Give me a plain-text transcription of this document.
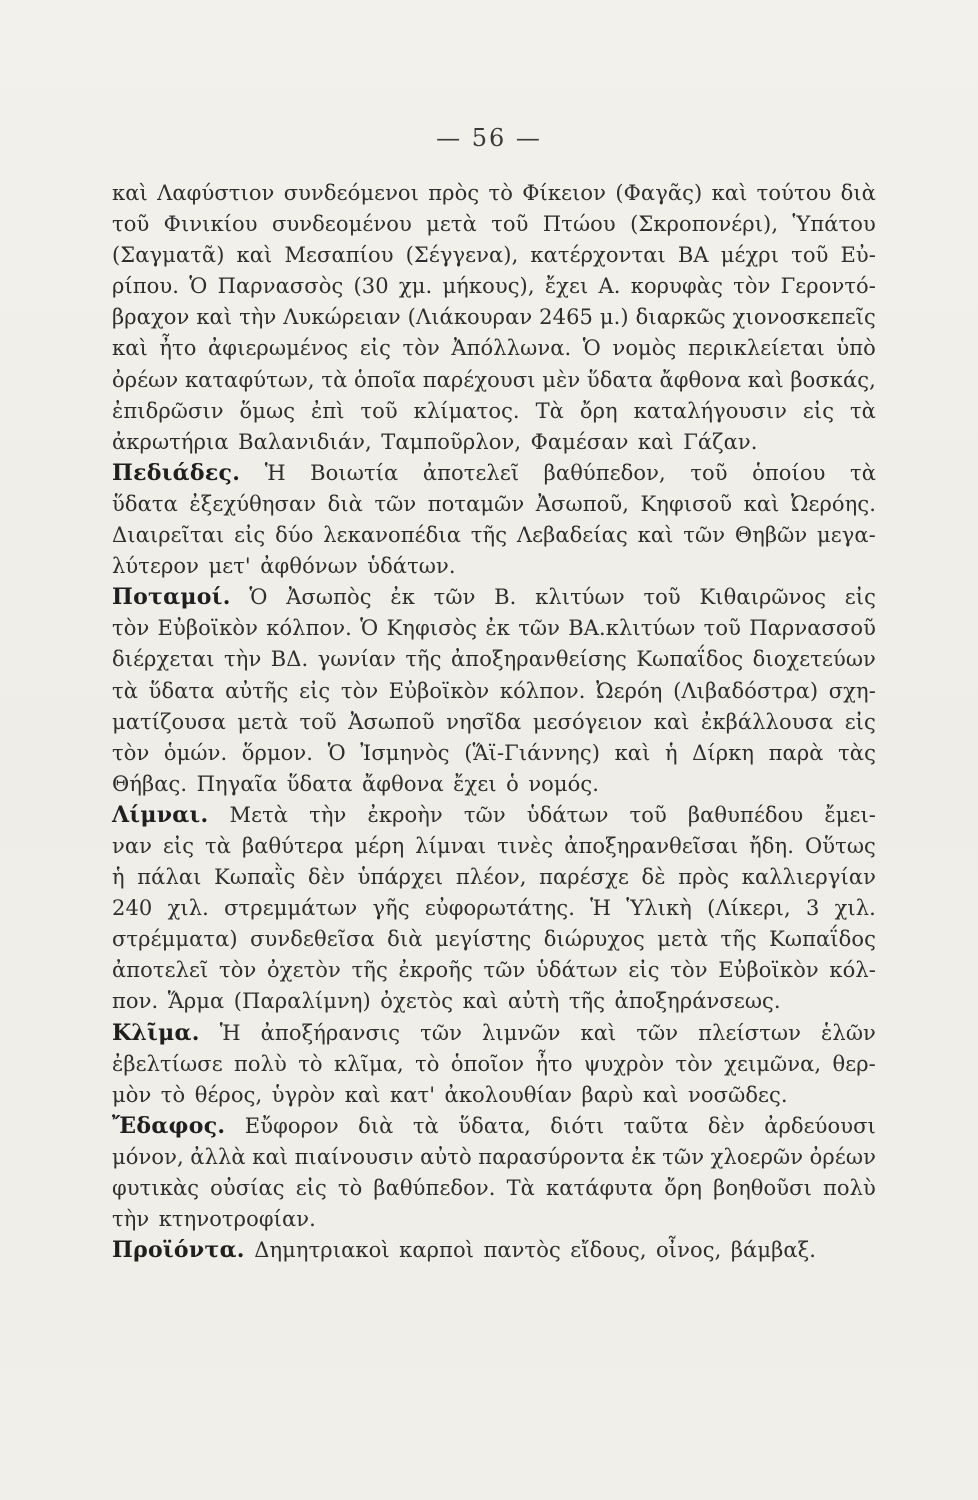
— 56 —
καὶ Λαφύστιον συνδεόμενοι πρὸς τὸ Φίκειον (Φαγᾶς) καὶ τούτου διὰ
τοῦ Φινικίου συνδεομένου μετὰ τοῦ Πτώου (Σκροπονέρι), Ὑπάτου
(Σαγματᾶ) καὶ Μεσαπίου (Σέγγενα), κατέρχονται ΒΑ μέχρι τοῦ Εὐ-
ρίπου. Ὁ Παρνασσὸς (30 χμ. μήκους), ἔχει Α. κορυφὰς τὸν Γεροντό-
βραχον καὶ τὴν Λυκώρειαν (Λιάκουραν 2465 μ.) διαρκῶς χιονοσκεπεῖς
καὶ ἦτο ἀφιερωμένος εἰς τὸν Ἀπόλλωνα. Ὁ νομὸς περικλείεται ὑπὸ
ὀρέων καταφύτων, τὰ ὁποῖα παρέχουσι μὲν ὕδατα ἄφθονα καὶ βοσκάς,
ἐπιδρῶσιν ὅμως ἐπὶ τοῦ κλίματος. Τὰ ὄρη καταλήγουσιν εἰς τὰ
ἀκρωτήρια Βαλανιδιάν, Ταμποῦρλον, Φαμέσαν καὶ Γάζαν.
Πεδιάδες. Ἡ Βοιωτία ἀποτελεῖ βαθύπεδον, τοῦ ὁποίου τὰ
ὕδατα ἐξεχύθησαν διὰ τῶν ποταμῶν Ἀσωποῦ, Κηφισοῦ καὶ Ὠερόης.
Διαιρεῖται εἰς δύο λεκανοπέδια τῆς Λεβαδείας καὶ τῶν Θηβῶν μεγα-
λύτερον μετ' ἀφθόνων ὑδάτων.
Ποταμοί. Ὁ Ἀσωπὸς ἐκ τῶν Β. κλιτύων τοῦ Κιθαιρῶνος εἰς
τὸν Εὐβοϊκὸν κόλπον. Ὁ Κηφισὸς ἐκ τῶν ΒΑ.κλιτύων τοῦ Παρνασσοῦ
διέρχεται τὴν ΒΔ. γωνίαν τῆς ἀποξηρανθείσης Κωπαΐδος διοχετεύων
τὰ ὕδατα αὐτῆς εἰς τὸν Εὐβοϊκὸν κόλπον. Ὠερόη (Λιβαδόστρα) σχη-
ματίζουσα μετὰ τοῦ Ἀσωποῦ νησῖδα μεσόγειον καὶ ἐκβάλλουσα εἰς
τὸν ὁμών. ὅρμον. Ὁ Ἰσμηνὸς (Ἅϊ-Γιάννης) καὶ ἡ Δίρκη παρὰ τὰς
Θήβας. Πηγαῖα ὕδατα ἄφθονα ἔχει ὁ νομός.
Λίμναι. Μετὰ τὴν ἐκροὴν τῶν ὑδάτων τοῦ βαθυπέδου ἔμει-
ναν εἰς τὰ βαθύτερα μέρη λίμναι τινὲς ἀποξηρανθεῖσαι ἤδη. Οὕτως
ἡ πάλαι Κωπαῒς δὲν ὑπάρχει πλέον, παρέσχε δὲ πρὸς καλλιεργίαν
240 χιλ. στρεμμάτων γῆς εὐφορωτάτης. Ἡ Ὑλικὴ (Λίκερι, 3 χιλ.
στρέμματα) συνδεθεῖσα διὰ μεγίστης διώρυχος μετὰ τῆς Κωπαΐδος
ἀποτελεῖ τὸν ὀχετὸν τῆς ἐκροῆς τῶν ὑδάτων εἰς τὸν Εὐβοϊκὸν κόλ-
πον. Ἅρμα (Παραλίμνη) ὀχετὸς καὶ αὐτὴ τῆς ἀποξηράνσεως.
Κλῖμα. Ἡ ἀποξήρανσις τῶν λιμνῶν καὶ τῶν πλείστων ἑλῶν
ἐβελτίωσε πολὺ τὸ κλῖμα, τὸ ὁποῖον ἦτο ψυχρὸν τὸν χειμῶνα, θερ-
μὸν τὸ θέρος, ὑγρὸν καὶ κατ' ἀκολουθίαν βαρὺ καὶ νοσῶδες.
Ἔδαφος. Εὔφορον διὰ τὰ ὕδατα, διότι ταῦτα δὲν ἀρδεύουσι
μόνον, ἀλλὰ καὶ πιαίνουσιν αὐτὸ παρασύροντα ἐκ τῶν χλοερῶν ὀρέων
φυτικὰς οὐσίας εἰς τὸ βαθύπεδον. Τὰ κατάφυτα ὄρη βοηθοῦσι πολὺ
τὴν κτηνοτροφίαν.
Προϊόντα. Δημητριακοὶ καρποὶ παντὸς εἴδους, οἶνος, βάμβαξ.
